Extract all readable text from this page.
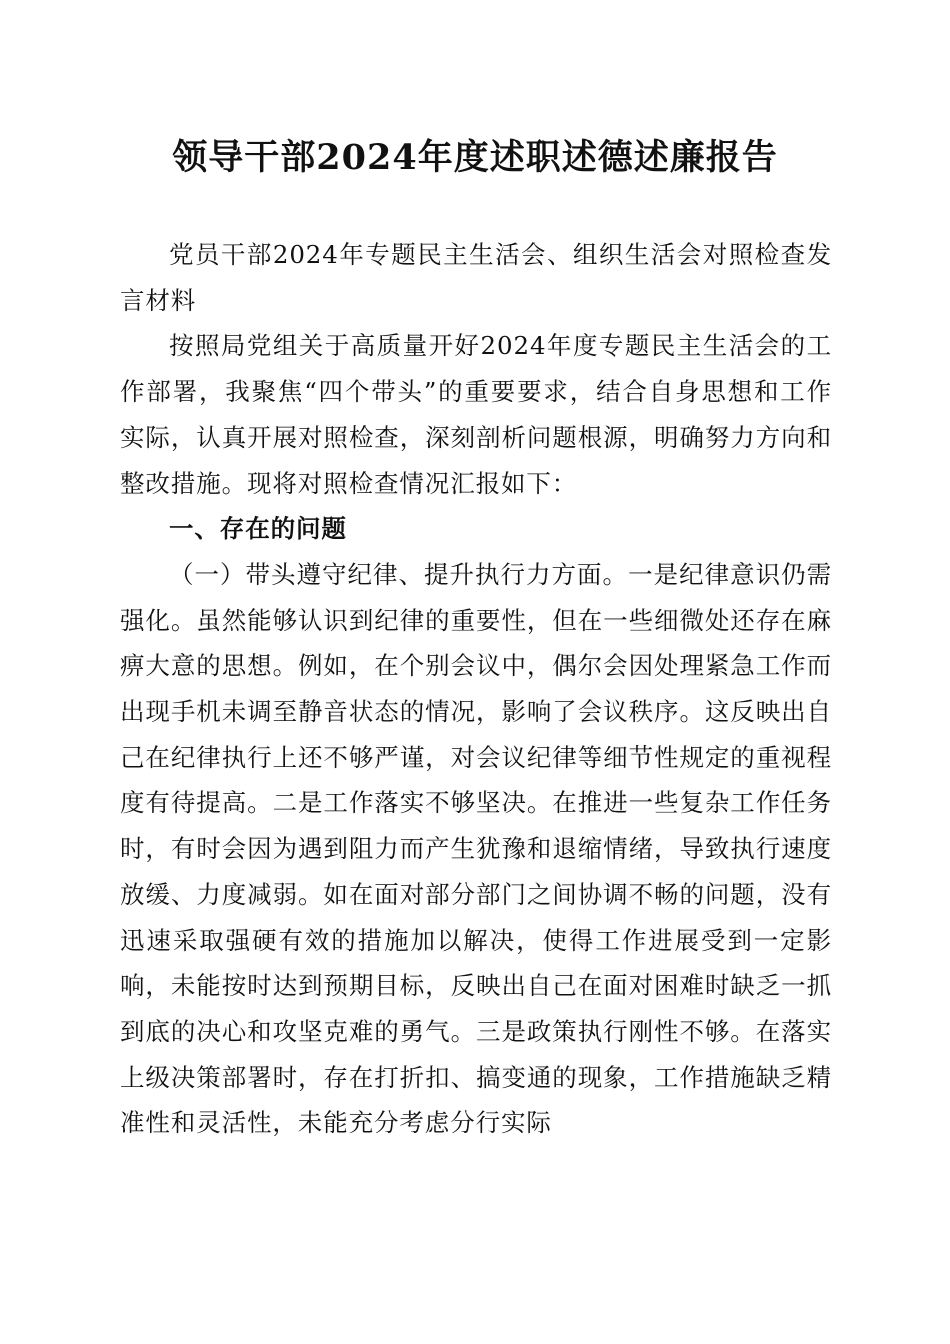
领导干部2024年度述职述德述廉报告

党员干部2024年专题民主生活会、组织生活会对照检查发言材料

按照局党组关于高质量开好2024年度专题民主生活会的工作部署，我聚焦“四个带头”的重要要求，结合自身思想和工作实际，认真开展对照检查，深刻剖析问题根源，明确努力方向和整改措施。现将对照检查情况汇报如下：

一、存在的问题

（一）带头遵守纪律、提升执行力方面。一是纪律意识仍需强化。虽然能够认识到纪律的重要性，但在一些细微处还存在麻痹大意的思想。例如，在个别会议中，偶尔会因处理紧急工作而出现手机未调至静音状态的情况，影响了会议秩序。这反映出自己在纪律执行上还不够严谨，对会议纪律等细节性规定的重视程度有待提高。二是工作落实不够坚决。在推进一些复杂工作任务时，有时会因为遇到阻力而产生犹豫和退缩情绪，导致执行速度放缓、力度减弱。如在面对部分部门之间协调不畅的问题，没有迅速采取强硬有效的措施加以解决，使得工作进展受到一定影响，未能按时达到预期目标，反映出自己在面对困难时缺乏一抓到底的决心和攻坚克难的勇气。三是政策执行刚性不够。在落实上级决策部署时，存在打折扣、搞变通的现象，工作措施缺乏精准性和灵活性，未能充分考虑分行实际
